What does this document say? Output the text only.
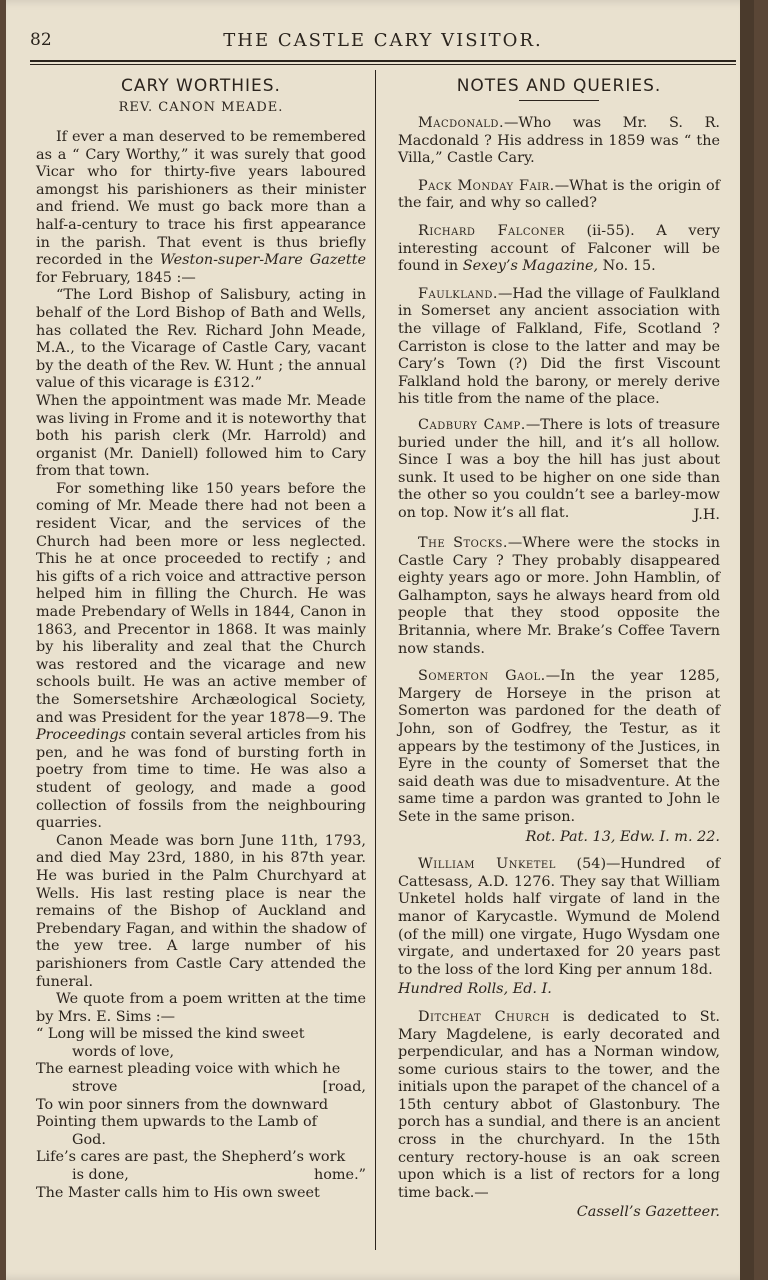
82	THE CASTLE CARY VISITOR.
CARY WORTHIES.
REV. CANON MEADE.

If ever a man deserved to be remembered as a “ Cary Worthy,” it was surely that good Vicar who for thirty-five years laboured amongst his parishioners as their minister and friend. We must go back more than a half-a-century to trace his first appearance in the parish. That event is thus briefly recorded in the Weston-super-Mare Gazette for February, 1845 :—

“The Lord Bishop of Salisbury, acting in behalf of the Lord Bishop of Bath and Wells, has collated the Rev. Richard John Meade, M.A., to the Vicarage of Castle Cary, vacant by the death of the Rev. W. Hunt ; the annual value of this vicarage is £312.”

When the appointment was made Mr. Meade was living in Frome and it is noteworthy that both his parish clerk (Mr. Harrold) and organist (Mr. Daniell) followed him to Cary from that town.

For something like 150 years before the coming of Mr. Meade there had not been a resident Vicar, and the services of the Church had been more or less neglected. This he at once proceeded to rectify ; and his gifts of a rich voice and attractive person helped him in filling the Church. He was made Prebendary of Wells in 1844, Canon in 1863, and Precentor in 1868. It was mainly by his liberality and zeal that the Church was restored and the vicarage and new schools built. He was an active member of the Somersetshire Archæological Society, and was President for the year 1878—9. The Proceedings contain several articles from his pen, and he was fond of bursting forth in poetry from time to time. He was also a student of geology, and made a good collection of fossils from the neighbouring quarries.

Canon Meade was born June 11th, 1793, and died May 23rd, 1880, in his 87th year. He was buried in the Palm Churchyard at Wells. His last resting place is near the remains of the Bishop of Auckland and Prebendary Fagan, and within the shadow of the yew tree. A large number of his parishioners from Castle Cary attended the funeral.

We quote from a poem written at the time by Mrs. E. Sims :—

“ Long will be missed the kind sweet
words of love,
The earnest pleading voice with which he
strove	[road,
To win poor sinners from the downward
Pointing them upwards to the Lamb of
God.
Life’s cares are past, the Shepherd’s work
is done,	home.”
The Master calls him to His own sweet
NOTES AND QUERIES.

Macdonald.—Who was Mr. S. R. Macdonald ? His address in 1859 was “ the Villa,” Castle Cary.

Pack Monday Fair.—What is the origin of the fair, and why so called?

Richard Falconer (ii-55). A very interesting account of Falconer will be found in Sexey’s Magazine, No. 15.

Faulkland.—Had the village of Faulkland in Somerset any ancient association with the village of Falkland, Fife, Scotland ? Carriston is close to the latter and may be Cary’s Town (?) Did the first Viscount Falkland hold the barony, or merely derive his title from the name of the place.

Cadbury Camp.—There is lots of treasure buried under the hill, and it’s all hollow. Since I was a boy the hill has just about sunk. It used to be higher on one side than the other so you couldn’t see a barley-mow on top. Now it’s all flat.	J.H.

The Stocks.—Where were the stocks in Castle Cary ? They probably disappeared eighty years ago or more. John Hamblin, of Galhampton, says he always heard from old people that they stood opposite the Britannia, where Mr. Brake’s Coffee Tavern now stands.

Somerton Gaol.—In the year 1285, Margery de Horseye in the prison at Somerton was pardoned for the death of John, son of Godfrey, the Testur, as it appears by the testimony of the Justices, in Eyre in the county of Somerset that the said death was due to misadventure. At the same time a pardon was granted to John le Sete in the same prison.

Rot. Pat. 13, Edw. I. m. 22.

William Unketel (54)—Hundred of Cattesass, A.D. 1276. They say that William Unketel holds half virgate of land in the manor of Karycastle. Wymund de Molend (of the mill) one virgate, Hugo Wysdam one virgate, and undertaxed for 20 years past to the loss of the lord King per annum 18d.

Hundred Rolls, Ed. I.

Ditcheat Church is dedicated to St. Mary Magdelene, is early decorated and perpendicular, and has a Norman window, some curious stairs to the tower, and the initials upon the parapet of the chancel of a 15th century abbot of Glastonbury. The porch has a sundial, and there is an ancient cross in the churchyard. In the 15th century rectory-house is an oak screen upon which is a list of rectors for a long time back.—

Cassell’s Gazetteer.
